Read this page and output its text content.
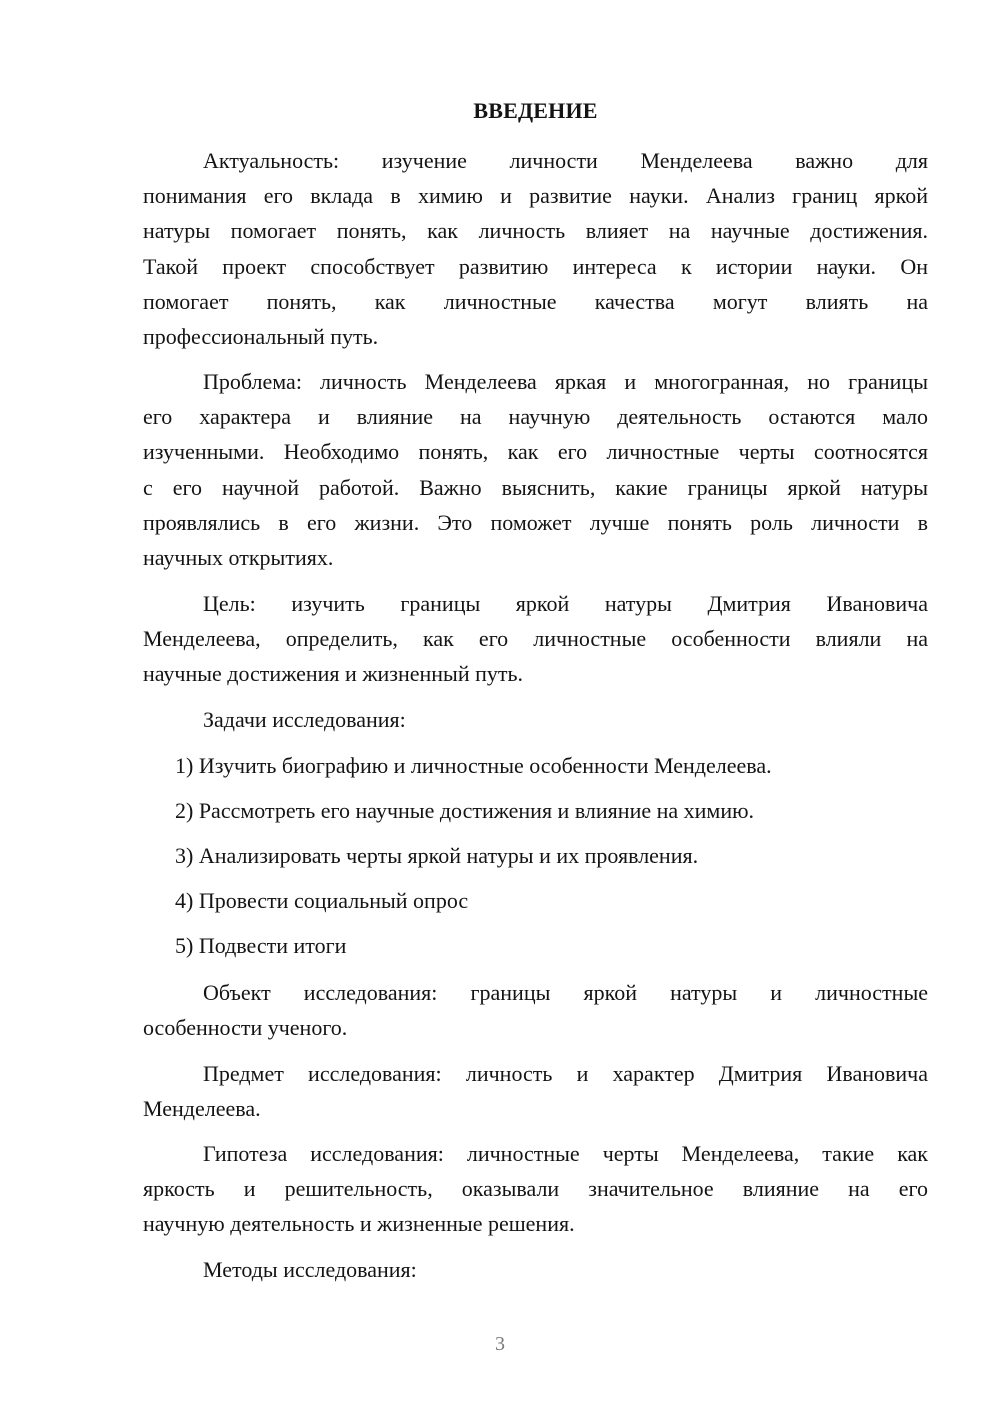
ВВЕДЕНИЕ
Актуальность: изучение личности Менделеева важно для
понимания его вклада в химию и развитие науки. Анализ границ яркой
натуры помогает понять, как личность влияет на научные достижения.
Такой проект способствует развитию интереса к истории науки. Он
помогает понять, как личностные качества могут влиять на
профессиональный путь.
Проблема: личность Менделеева яркая и многогранная, но границы
его характера и влияние на научную деятельность остаются мало
изученными. Необходимо понять, как его личностные черты соотносятся
с его научной работой. Важно выяснить, какие границы яркой натуры
проявлялись в его жизни. Это поможет лучше понять роль личности в
научных открытиях.
Цель: изучить границы яркой натуры Дмитрия Ивановича
Менделеева, определить, как его личностные особенности влияли на
научные достижения и жизненный путь.
Задачи исследования:
1) Изучить биографию и личностные особенности Менделеева.
2) Рассмотреть его научные достижения и влияние на химию.
3) Анализировать черты яркой натуры и их проявления.
4) Провести социальный опрос
5) Подвести итоги
Объект исследования: границы яркой натуры и личностные
особенности ученого.
Предмет исследования: личность и характер Дмитрия Ивановича
Менделеева.
Гипотеза исследования: личностные черты Менделеева, такие как
яркость и решительность, оказывали значительное влияние на его
научную деятельность и жизненные решения.
Методы исследования:
3
